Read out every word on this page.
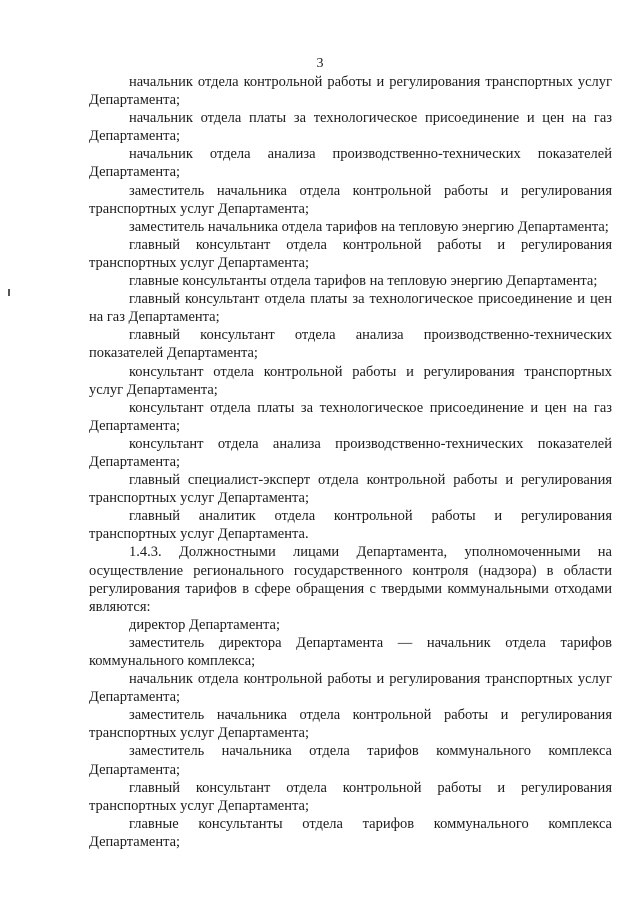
3

начальник отдела контрольной работы и регулирования транспортных услуг Департамента;

начальник отдела платы за технологическое присоединение и цен на газ Департамента;

начальник отдела анализа производственно-технических показателей Департамента;

заместитель начальника отдела контрольной работы и регулирования транспортных услуг Департамента;

заместитель начальника отдела тарифов на тепловую энергию Департамента;

главный консультант отдела контрольной работы и регулирования транспортных услуг Департамента;

главные консультанты отдела тарифов на тепловую энергию Департамента;

главный консультант отдела платы за технологическое присоединение и цен на газ Департамента;

главный консультант отдела анализа производственно-технических показателей Департамента;

консультант отдела контрольной работы и регулирования транспортных услуг Департамента;

консультант отдела платы за технологическое присоединение и цен на газ Департамента;

консультант отдела анализа производственно-технических показателей Департамента;

главный специалист-эксперт отдела контрольной работы и регулирования транспортных услуг Департамента;

главный аналитик отдела контрольной работы и регулирования транспортных услуг Департамента.

1.4.3. Должностными лицами Департамента, уполномоченными на осуществление регионального государственного контроля (надзора) в области регулирования тарифов в сфере обращения с твердыми коммунальными отходами являются:

директор Департамента;

заместитель директора Департамента — начальник отдела тарифов коммунального комплекса;

начальник отдела контрольной работы и регулирования транспортных услуг Департамента;

заместитель начальника отдела контрольной работы и регулирования транспортных услуг Департамента;

заместитель начальника отдела тарифов коммунального комплекса Департамента;

главный консультант отдела контрольной работы и регулирования транспортных услуг Департамента;

главные консультанты отдела тарифов коммунального комплекса Департамента;
